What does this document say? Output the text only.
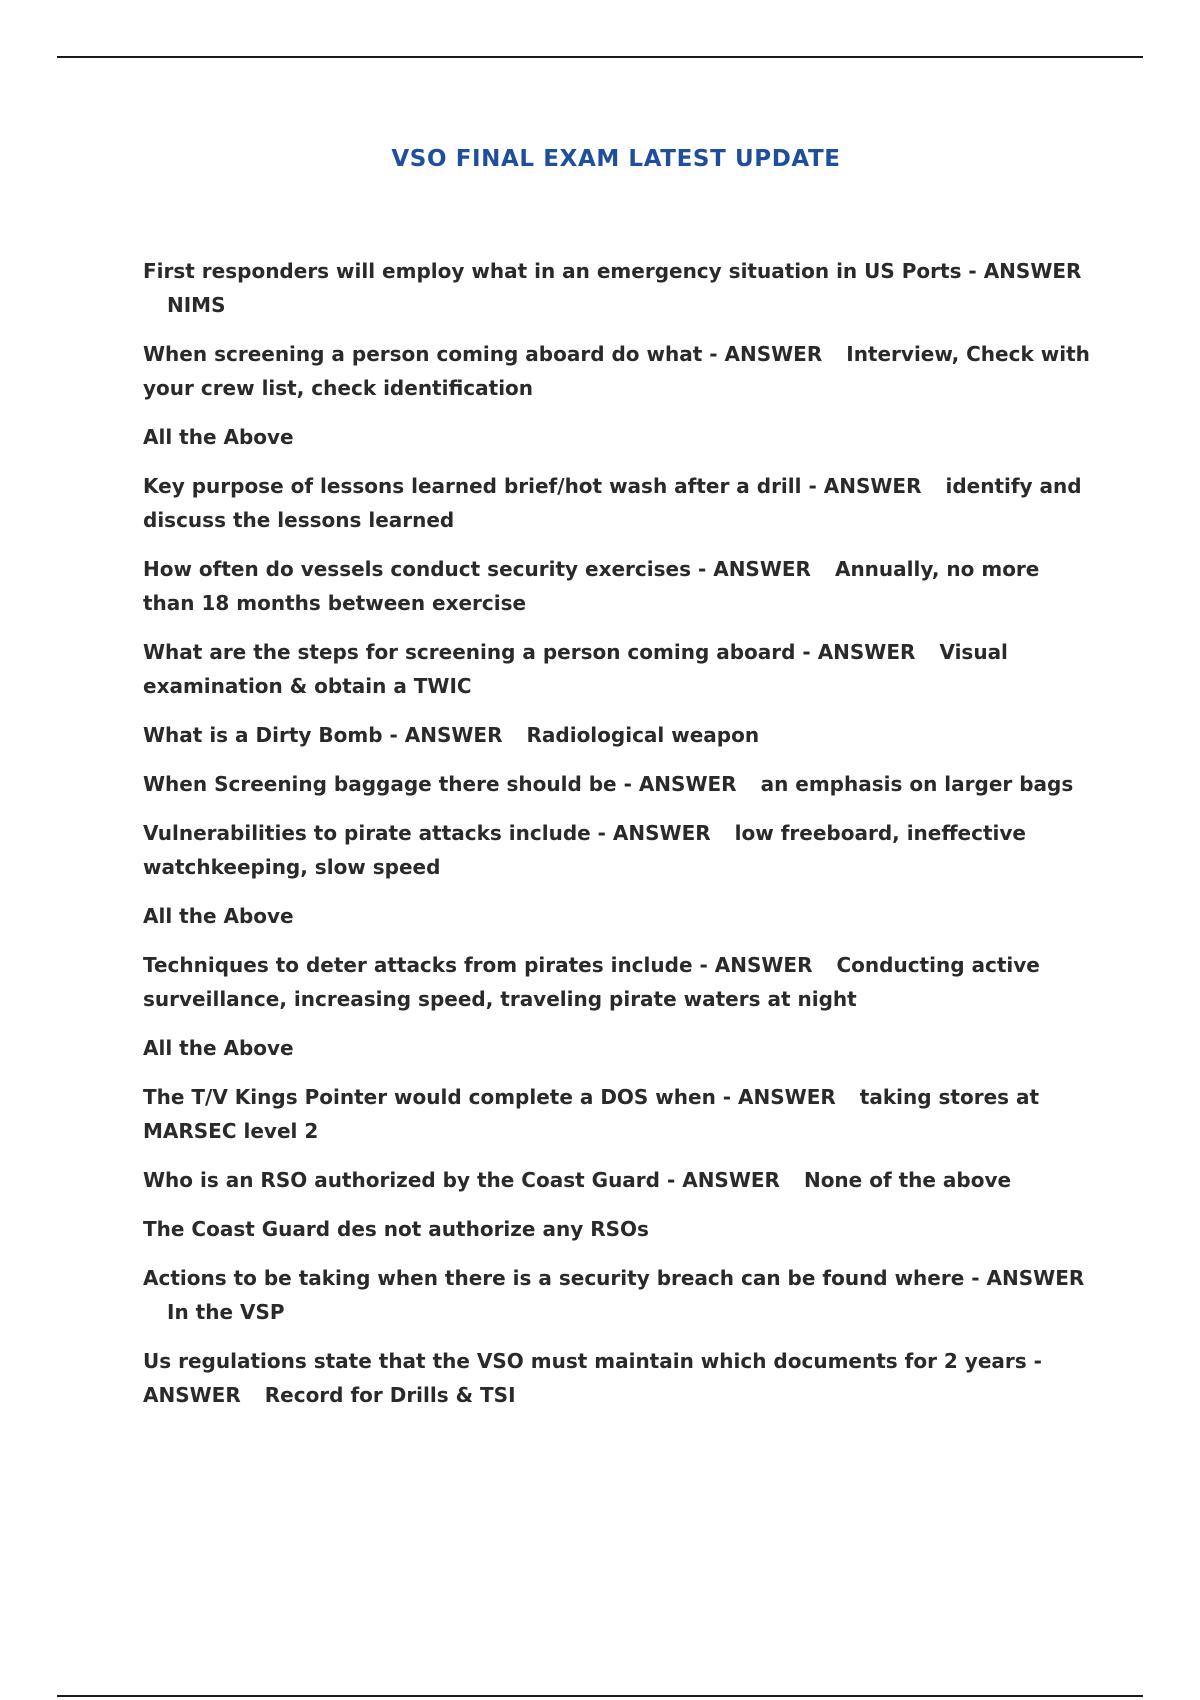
VSO FINAL EXAM LATEST UPDATE

First responders will employ what in an emergency situation in US Ports - ANSWERNIMS

When screening a person coming aboard do what - ANSWER Interview, Check with your crew list, check identification

All the Above

Key purpose of lessons learned brief/hot wash after a drill - ANSWER identify and discuss the lessons learned

How often do vessels conduct security exercises - ANSWER Annually, no more than 18 months between exercise

What are the steps for screening a person coming aboard - ANSWER Visual examination & obtain a TWIC

What is a Dirty Bomb - ANSWER Radiological weapon

When Screening baggage there should be - ANSWER an emphasis on larger bags

Vulnerabilities to pirate attacks include - ANSWER low freeboard, ineffective watchkeeping, slow speed

All the Above

Techniques to deter attacks from pirates include - ANSWER Conducting active surveillance, increasing speed, traveling pirate waters at night

All the Above

The T/V Kings Pointer would complete a DOS when - ANSWER taking stores at MARSEC level 2

Who is an RSO authorized by the Coast Guard - ANSWER None of the above

The Coast Guard des not authorize any RSOs

Actions to be taking when there is a security breach can be found where - ANSWERIn the VSP

Us regulations state that the VSO must maintain which documents for 2 years - ANSWER Record for Drills & TSI
